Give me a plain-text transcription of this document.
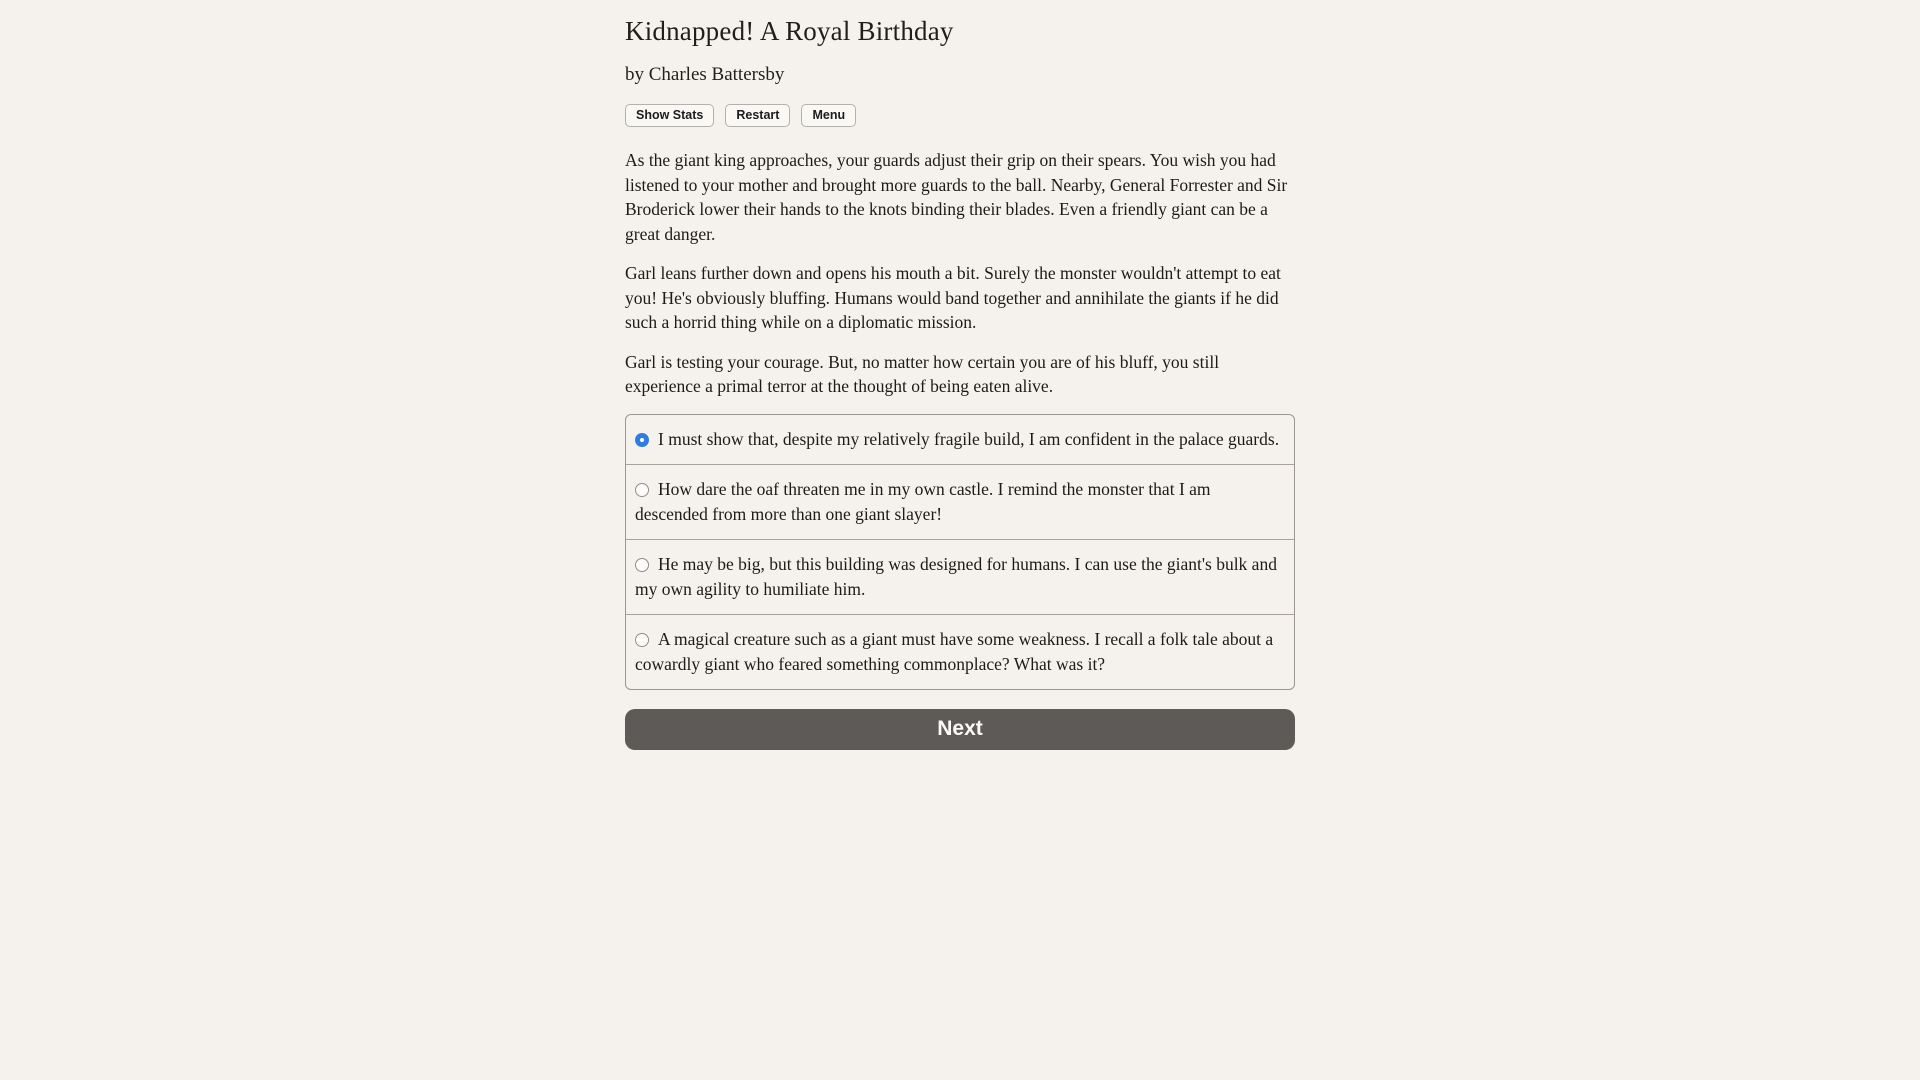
Kidnapped! A Royal Birthday
by Charles Battersby
Show Stats	Restart	Menu

As the giant king approaches, your guards adjust their grip on their spears. You wish you had listened to your mother and brought more guards to the ball. Nearby, General Forrester and Sir Broderick lower their hands to the knots binding their blades. Even a friendly giant can be a great danger.

Garl leans further down and opens his mouth a bit. Surely the monster wouldn't attempt to eat you! He's obviously bluffing. Humans would band together and annihilate the giants if he did such a horrid thing while on a diplomatic mission.

Garl is testing your courage. But, no matter how certain you are of his bluff, you still experience a primal terror at the thought of being eaten alive.

I must show that, despite my relatively fragile build, I am confident in the palace guards.
How dare the oaf threaten me in my own castle. I remind the monster that I am descended from more than one giant slayer!
He may be big, but this building was designed for humans. I can use the giant's bulk and my own agility to humiliate him.
A magical creature such as a giant must have some weakness. I recall a folk tale about a cowardly giant who feared something commonplace? What was it?
Next
